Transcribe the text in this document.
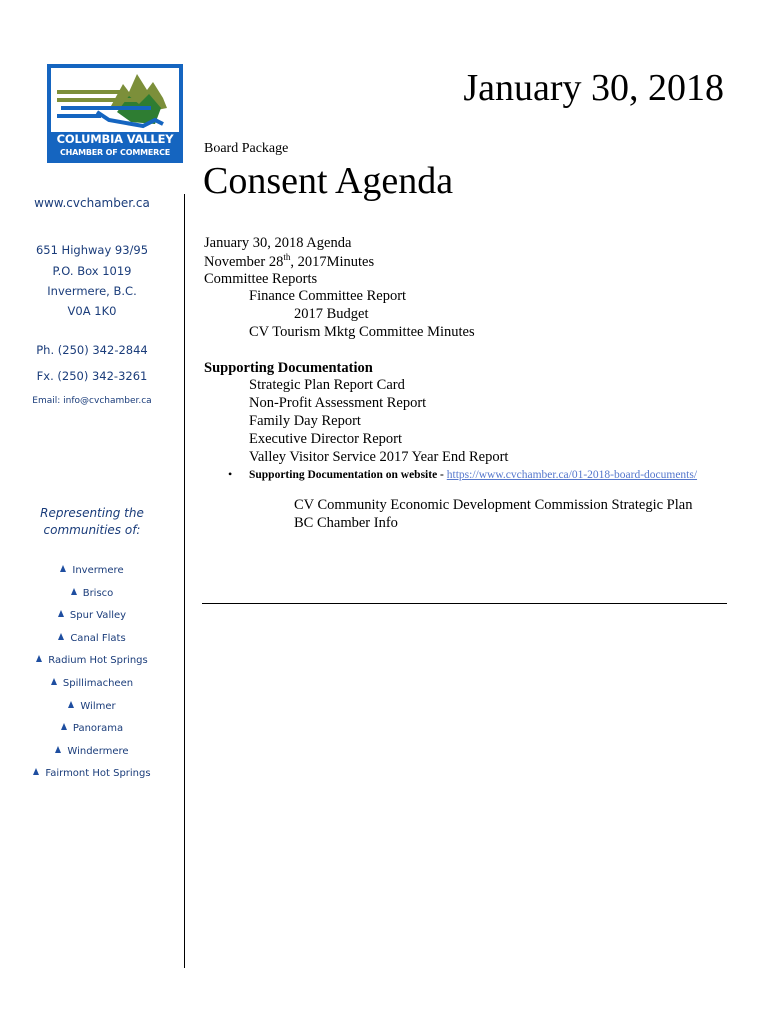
COLUMBIA VALLEY
CHAMBER OF COMMERCE
www.cvchamber.ca
651 Highway 93/95
P.O. Box 1019
Invermere, B.C.
V0A 1K0
Ph. (250) 342-2844
Fx. (250) 342-3261
Email: info@cvchamber.ca
Representing the
communities of:
Invermere
Brisco
Spur Valley
Canal Flats
Radium Hot Springs
Spillimacheen
Wilmer
Panorama
Windermere
Fairmont Hot Springs
January 30, 2018
Board Package
Consent Agenda
January 30, 2018 Agenda
November 28th, 2017Minutes
Committee Reports
Finance Committee Report
2017 Budget
CV Tourism Mktg Committee Minutes
Supporting Documentation
Strategic Plan Report Card
Non-Profit Assessment Report
Family Day Report
Executive Director Report
Valley Visitor Service 2017 Year End Report
• Supporting Documentation on website - https://www.cvchamber.ca/01-2018-board-documents/
CV Community Economic Development Commission Strategic Plan
BC Chamber Info
